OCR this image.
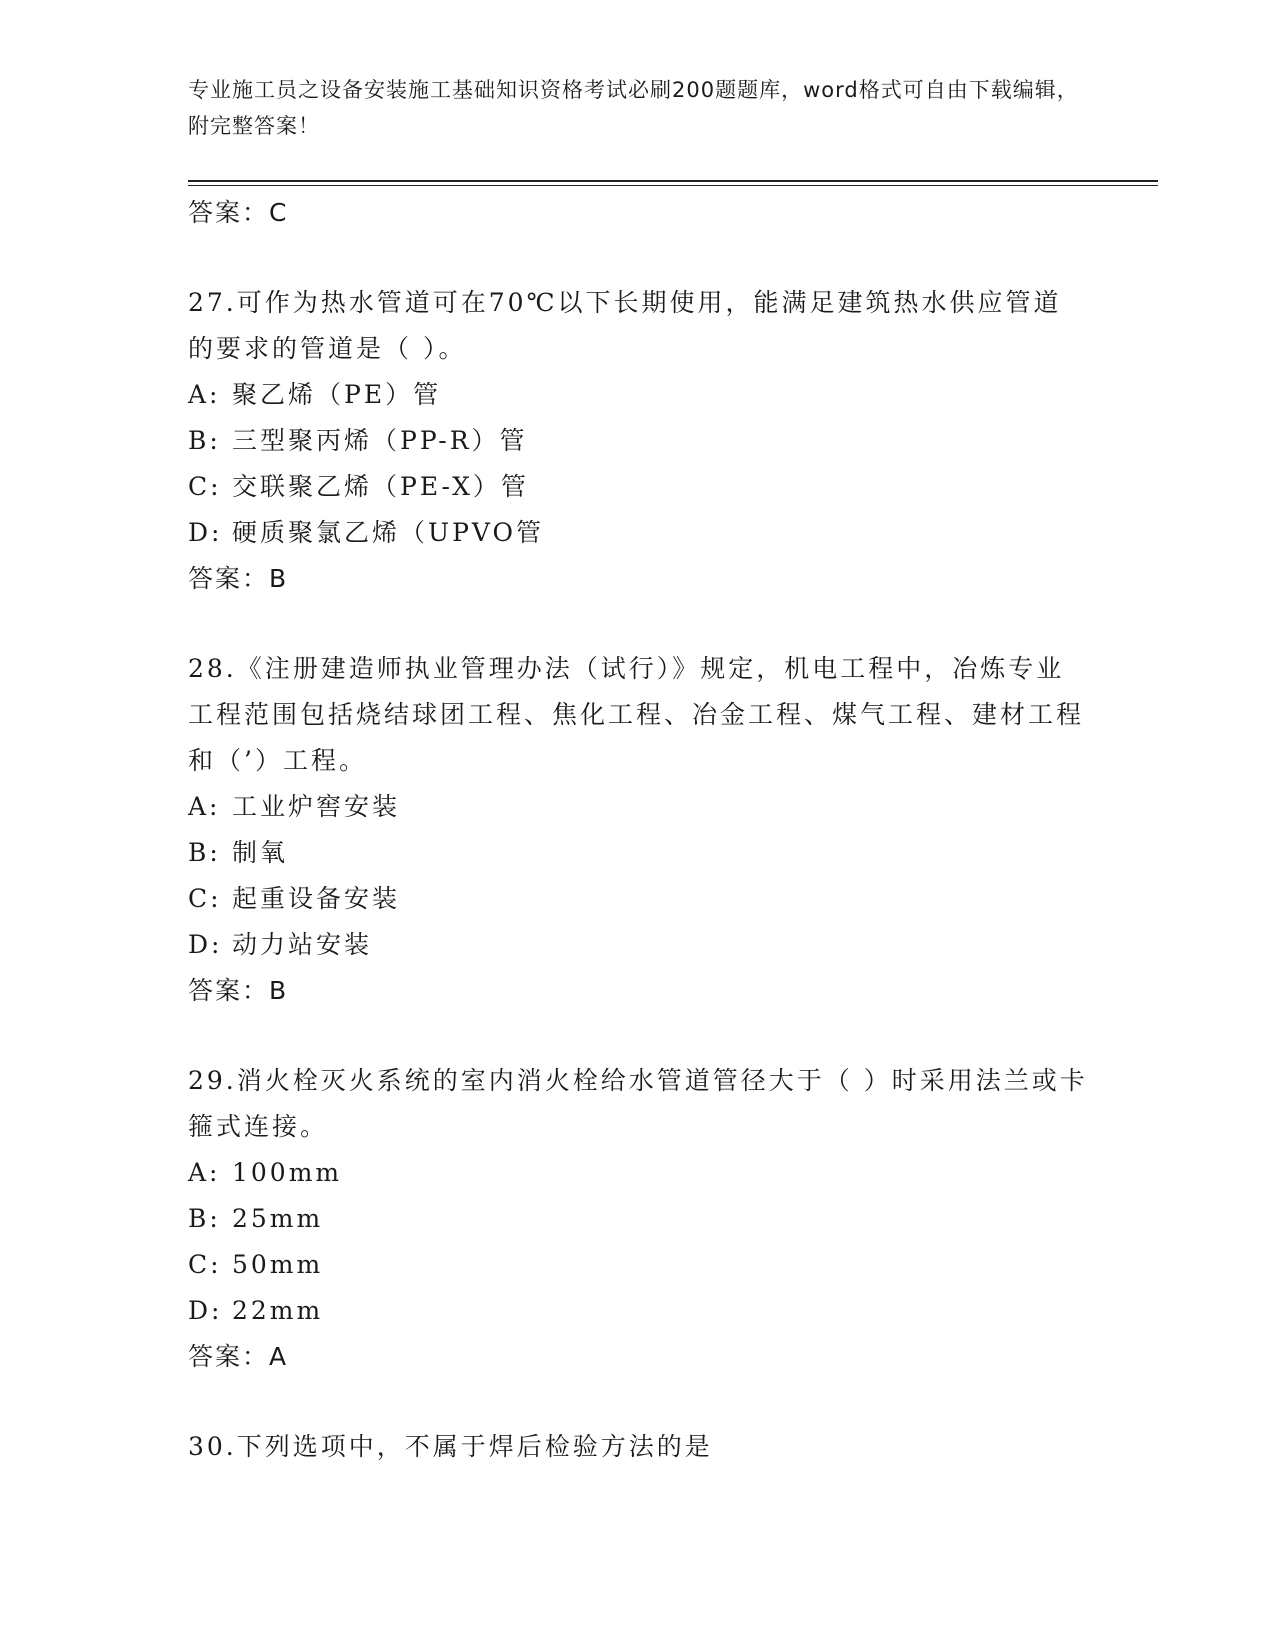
专业施工员之设备安装施工基础知识资格考试必刷200题题库，word格式可自由下载编辑，附完整答案！
答案：C
27.可作为热水管道可在70℃以下长期使用，能满足建筑热水供应管道的要求的管道是（ ）。
A: 聚乙烯（PE）管
B: 三型聚丙烯（PP-R）管
C: 交联聚乙烯（PE-X）管
D: 硬质聚氯乙烯（UPVO管
答案：B
28.《注册建造师执业管理办法（试行）》规定，机电工程中，冶炼专业工程范围包括烧结球团工程、焦化工程、冶金工程、煤气工程、建材工程和（’）工程。
A: 工业炉窖安装
B: 制氧
C: 起重设备安装
D: 动力站安装
答案：B
29.消火栓灭火系统的室内消火栓给水管道管径大于（ ）时采用法兰或卡箍式连接。
A: 100mm
B: 25mm
C: 50mm
D: 22mm
答案：A
30.下列选项中，不属于焊后检验方法的是
